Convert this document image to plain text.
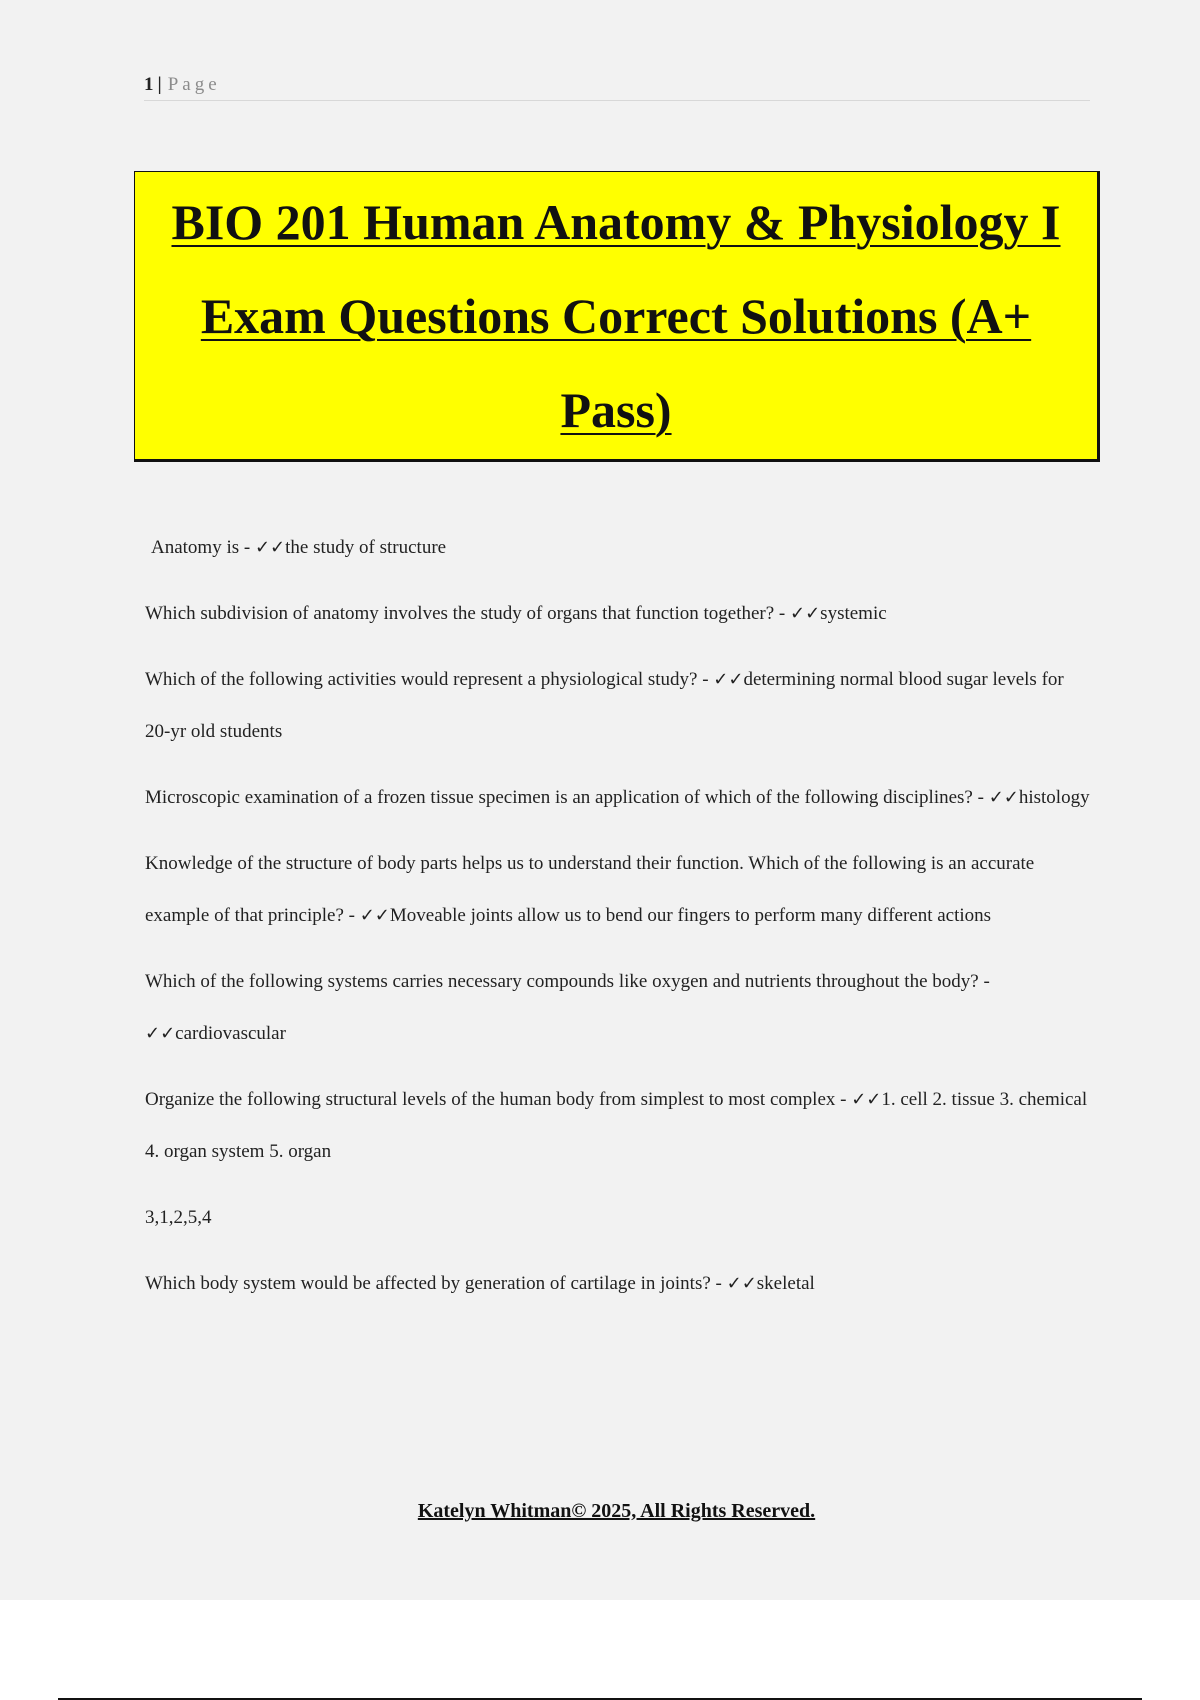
1 | Page
BIO 201 Human Anatomy & Physiology I Exam Questions Correct Solutions (A+ Pass)

Anatomy is - ✓✓the study of structure

Which subdivision of anatomy involves the study of organs that function together? - ✓✓systemic

Which of the following activities would represent a physiological study? - ✓✓determining normal blood sugar levels for 20-yr old students

Microscopic examination of a frozen tissue specimen is an application of which of the following disciplines? - ✓✓histology

Knowledge of the structure of body parts helps us to understand their function. Which of the following is an accurate example of that principle? - ✓✓Moveable joints allow us to bend our fingers to perform many different actions

Which of the following systems carries necessary compounds like oxygen and nutrients throughout the body? - ✓✓cardiovascular

Organize the following structural levels of the human body from simplest to most complex - ✓✓1. cell 2. tissue 3. chemical 4. organ system 5. organ

3,1,2,5,4

Which body system would be affected by generation of cartilage in joints? - ✓✓skeletal

Katelyn Whitman© 2025, All Rights Reserved.
